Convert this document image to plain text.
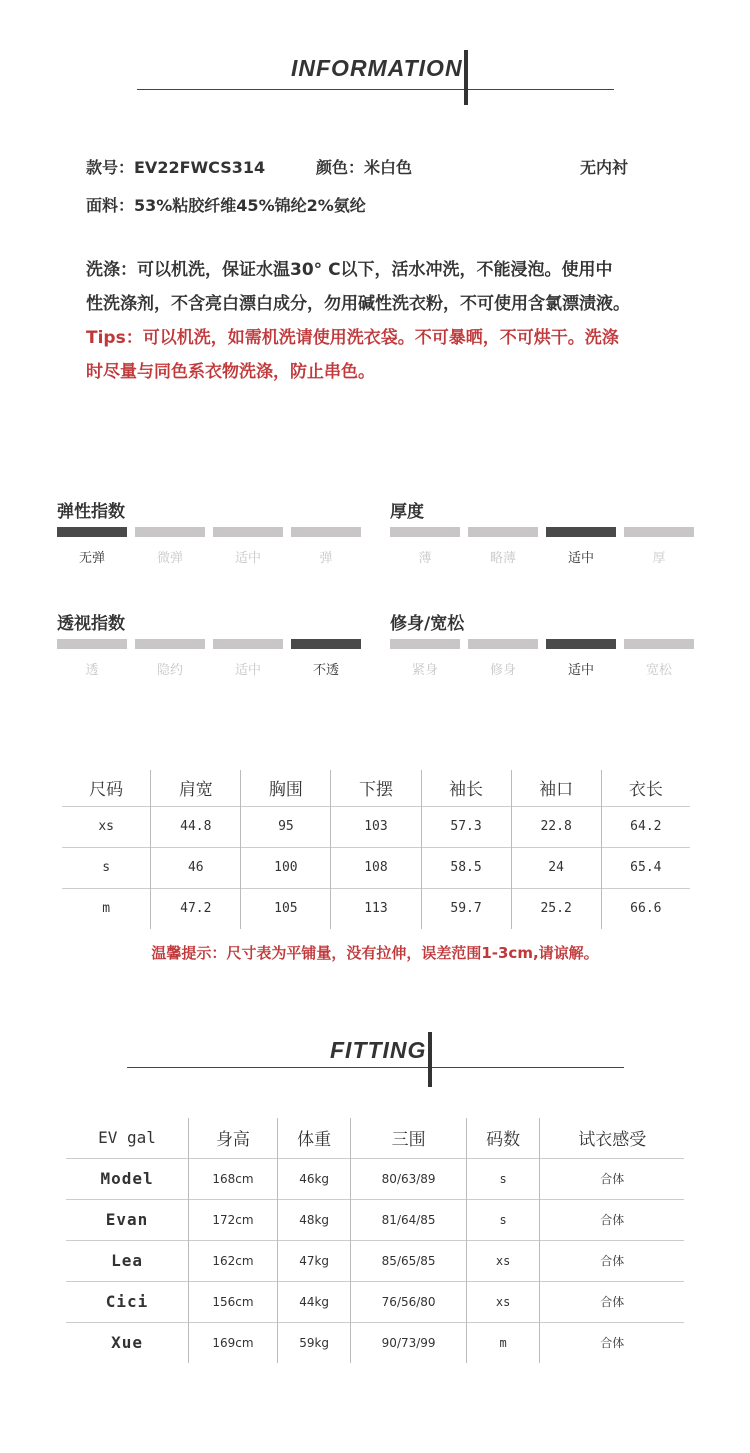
INFORMATION
款号：EV22FWCS314	颜色：米白色	无内衬
面料：53%粘胶纤维45%锦纶2%氨纶
洗涤：可以机洗，保证水温30° C以下，活水冲洗，不能浸泡。使用中
性洗涤剂，不含亮白漂白成分，勿用碱性洗衣粉，不可使用含氯漂渍液。
Tips：可以机洗，如需机洗请使用洗衣袋。不可暴晒，不可烘干。洗涤
时尽量与同色系衣物洗涤，防止串色。
弹性指数
无弹	微弹	适中	弹
厚度
薄	略薄	适中	厚
透视指数
透	隐约	适中	不透
修身/宽松
紧身	修身	适中	宽松
尺码	肩宽	胸围	下摆	袖长	袖口	衣长
xs	44.8	95	103	57.3	22.8	64.2
s	46	100	108	58.5	24	65.4
m	47.2	105	113	59.7	25.2	66.6
温馨提示：尺寸表为平铺量，没有拉伸，误差范围1-3cm,请谅解。
FITTING
EV gal	身高	体重	三围	码数	试衣感受
Model	168cm	46kg	80/63/89	s	合体
Evan	172cm	48kg	81/64/85	s	合体
Lea	162cm	47kg	85/65/85	xs	合体
Cici	156cm	44kg	76/56/80	xs	合体
Xue	169cm	59kg	90/73/99	m	合体
